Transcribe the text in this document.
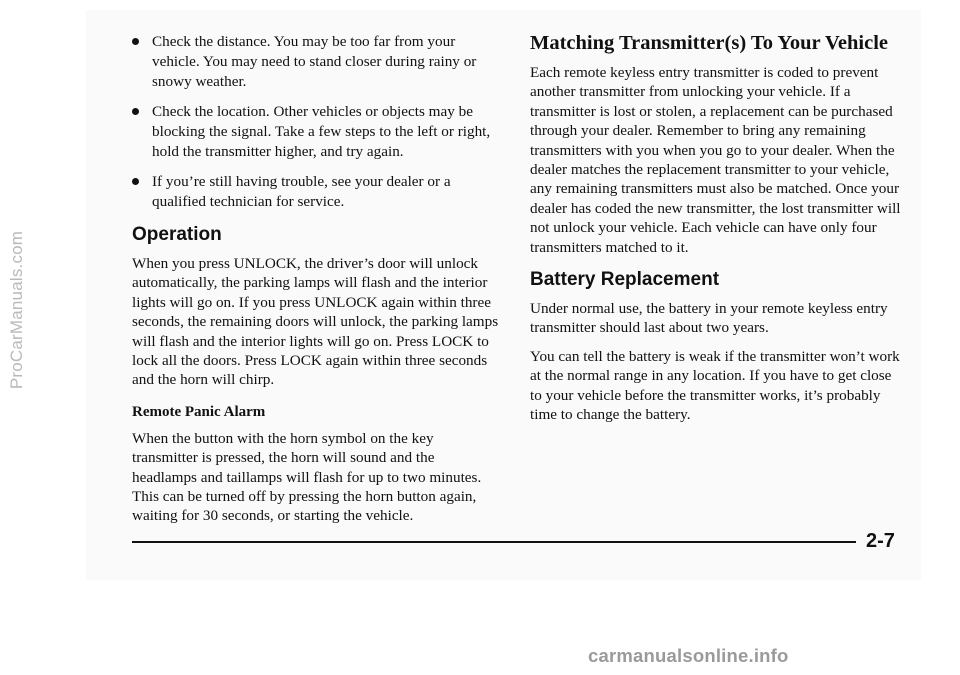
ProCarManuals.com
Check the distance. You may be too far from your vehicle. You may need to stand closer during rainy or snowy weather.
Check the location. Other vehicles or objects may be blocking the signal. Take a few steps to the left or right, hold the transmitter higher, and try again.
If you’re still having trouble, see your dealer or a qualified technician for service.
Operation

When you press UNLOCK, the driver’s door will unlock automatically, the parking lamps will flash and the interior lights will go on. If you press UNLOCK again within three seconds, the remaining doors will unlock, the parking lamps will flash and the interior lights will go on. Press LOCK to lock all the doors. Press LOCK again within three seconds and the horn will chirp.

Remote Panic Alarm

When the button with the horn symbol on the key transmitter is pressed, the horn will sound and the headlamps and taillamps will flash for up to two minutes. This can be turned off by pressing the horn button again, waiting for 30 seconds, or starting the vehicle.

Matching Transmitter(s) To Your Vehicle

Each remote keyless entry transmitter is coded to prevent another transmitter from unlocking your vehicle. If a transmitter is lost or stolen, a replacement can be purchased through your dealer. Remember to bring any remaining transmitters with you when you go to your dealer. When the dealer matches the replacement transmitter to your vehicle, any remaining transmitters must also be matched. Once your dealer has coded the new transmitter, the lost transmitter will not unlock your vehicle. Each vehicle can have only four transmitters matched to it.

Battery Replacement

Under normal use, the battery in your remote keyless entry transmitter should last about two years.

You can tell the battery is weak if the transmitter won’t work at the normal range in any location. If you have to get close to your vehicle before the transmitter works, it’s probably time to change the battery.

2-7
carmanualsonline.info
